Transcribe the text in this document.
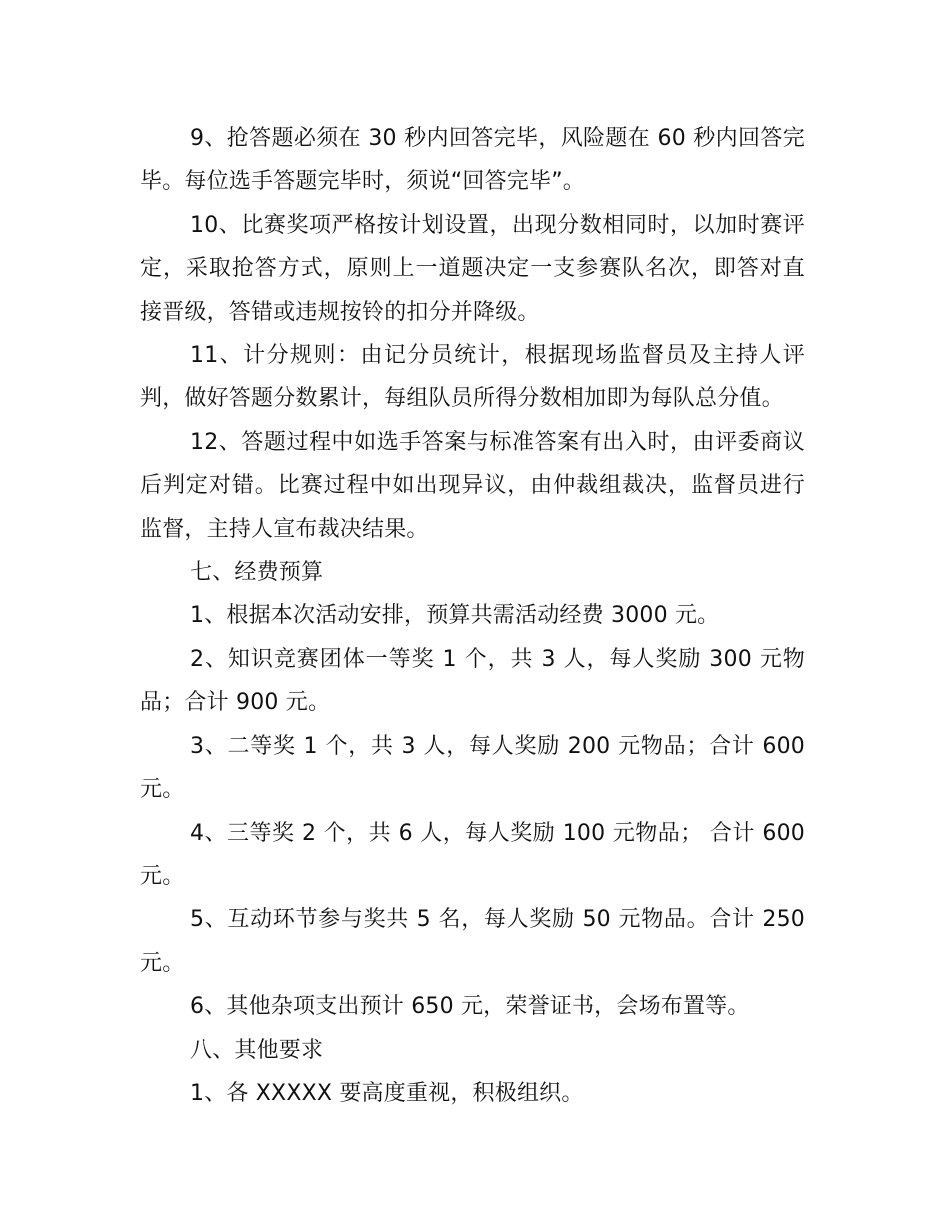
9、抢答题必须在 30 秒内回答完毕，风险题在 60 秒内回答完毕。每位选手答题完毕时，须说“回答完毕”。

10、比赛奖项严格按计划设置，出现分数相同时，以加时赛评定，采取抢答方式，原则上一道题决定一支参赛队名次，即答对直接晋级，答错或违规按铃的扣分并降级。

11、计分规则：由记分员统计，根据现场监督员及主持人评判，做好答题分数累计，每组队员所得分数相加即为每队总分值。

12、答题过程中如选手答案与标准答案有出入时，由评委商议后判定对错。比赛过程中如出现异议，由仲裁组裁决，监督员进行监督，主持人宣布裁决结果。

七、经费预算

1、根据本次活动安排，预算共需活动经费 3000 元。

2、知识竞赛团体一等奖 1 个，共 3 人，每人奖励 300 元物品；合计 900 元。

3、二等奖 1 个，共 3 人，每人奖励 200 元物品；合计 600 元。

4、三等奖 2 个，共 6 人，每人奖励 100 元物品； 合计 600 元。

5、互动环节参与奖共 5 名，每人奖励 50 元物品。合计 250 元。

6、其他杂项支出预计 650 元，荣誉证书，会场布置等。

八、其他要求

1、各 XXXXX 要高度重视，积极组织。
